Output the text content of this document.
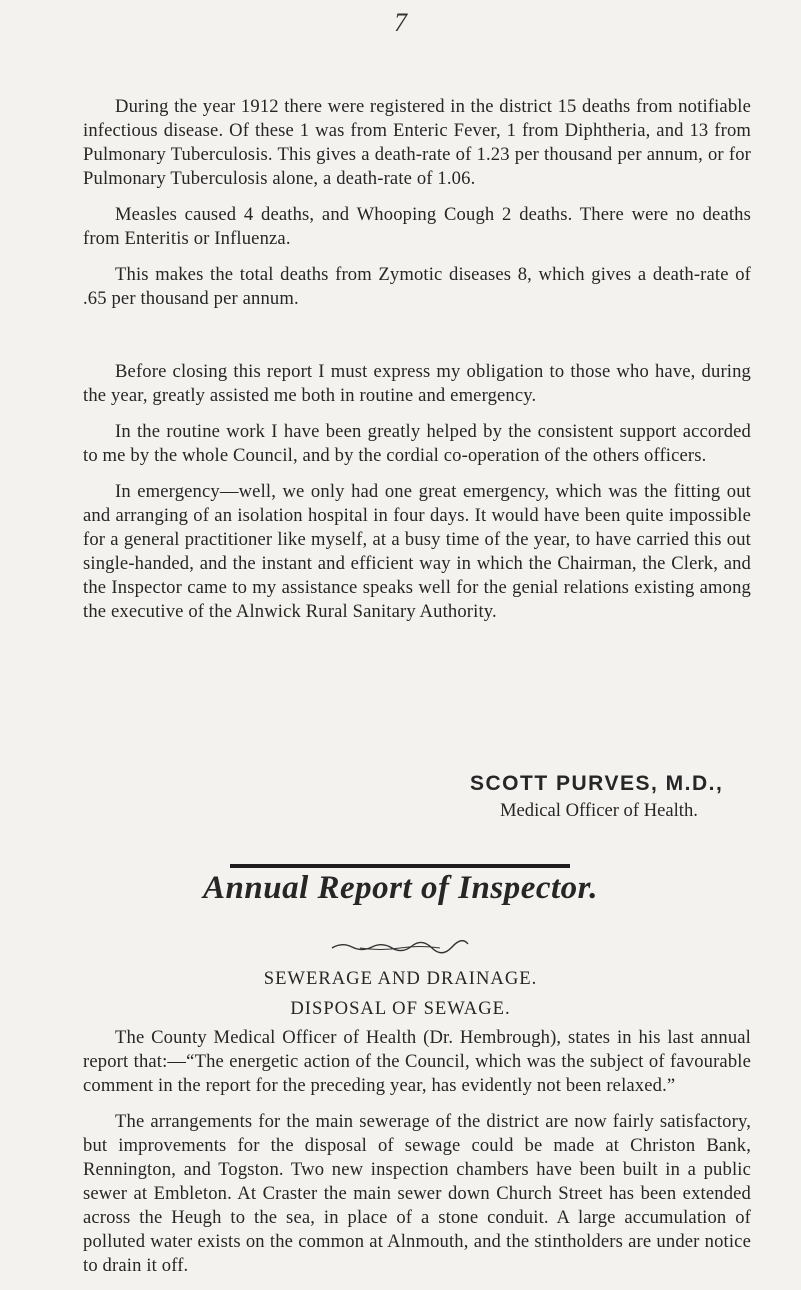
7

During the year 1912 there were registered in the district 15 deaths from notifiable infectious disease. Of these 1 was from Enteric Fever, 1 from Diphtheria, and 13 from Pulmonary Tuberculosis. This gives a death-rate of 1.23 per thousand per annum, or for Pulmonary Tuberculosis alone, a death-rate of 1.06.

Measles caused 4 deaths, and Whooping Cough 2 deaths. There were no deaths from Enteritis or Influenza.

This makes the total deaths from Zymotic diseases 8, which gives a death-rate of .65 per thousand per annum.

Before closing this report I must express my obligation to those who have, during the year, greatly assisted me both in routine and emergency.

In the routine work I have been greatly helped by the consistent support accorded to me by the whole Council, and by the cordial co-operation of the others officers.

In emergency—well, we only had one great emergency, which was the fitting out and arranging of an isolation hospital in four days. It would have been quite impossible for a general practitioner like myself, at a busy time of the year, to have carried this out single-handed, and the instant and efficient way in which the Chairman, the Clerk, and the Inspector came to my assistance speaks well for the genial relations existing among the executive of the Alnwick Rural Sanitary Authority.

SCOTT PURVES, M.D.,
Medical Officer of Health.
Annual Report of Inspector.
SEWERAGE AND DRAINAGE.
DISPOSAL OF SEWAGE.

The County Medical Officer of Health (Dr. Hembrough), states in his last annual report that:—“The energetic action of the Council, which was the subject of favourable comment in the report for the preceding year, has evidently not been relaxed.”

The arrangements for the main sewerage of the district are now fairly satisfactory, but improvements for the disposal of sewage could be made at Christon Bank, Rennington, and Togston. Two new inspection chambers have been built in a public sewer at Embleton. At Craster the main sewer down Church Street has been extended across the Heugh to the sea, in place of a stone conduit. A large accumulation of polluted water exists on the common at Alnmouth, and the stintholders are under notice to drain it off.
